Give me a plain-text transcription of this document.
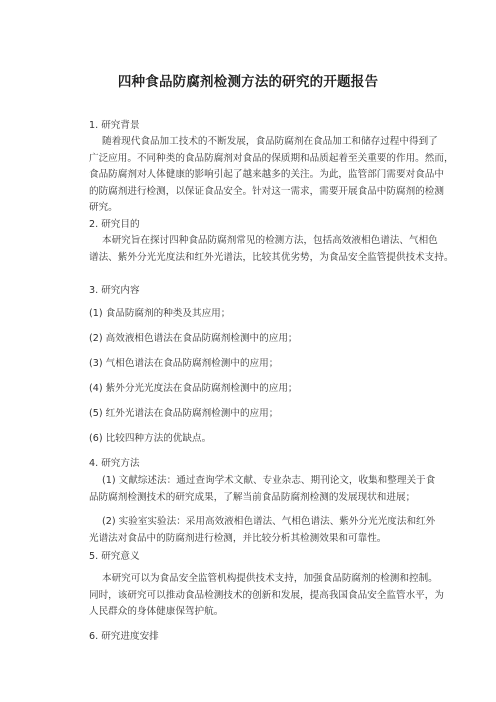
四种食品防腐剂检测方法的研究的开题报告
1. 研究背景
随着现代食品加工技术的不断发展，食品防腐剂在食品加工和储存过程中得到了
广泛应用。不同种类的食品防腐剂对食品的保质期和品质起着至关重要的作用。然而，
食品防腐剂对人体健康的影响引起了越来越多的关注。为此，监管部门需要对食品中
的防腐剂进行检测，以保证食品安全。针对这一需求，需要开展食品中防腐剂的检测
研究。
2. 研究目的
本研究旨在探讨四种食品防腐剂常见的检测方法，包括高效液相色谱法、气相色
谱法、紫外分光光度法和红外光谱法，比较其优劣势，为食品安全监管提供技术支持。
3. 研究内容
(1) 食品防腐剂的种类及其应用；
(2) 高效液相色谱法在食品防腐剂检测中的应用；
(3) 气相色谱法在食品防腐剂检测中的应用；
(4) 紫外分光光度法在食品防腐剂检测中的应用；
(5) 红外光谱法在食品防腐剂检测中的应用；
(6) 比较四种方法的优缺点。
4. 研究方法
(1) 文献综述法：通过查询学术文献、专业杂志、期刊论文，收集和整理关于食
品防腐剂检测技术的研究成果，了解当前食品防腐剂检测的发展现状和进展；
(2) 实验室实验法：采用高效液相色谱法、气相色谱法、紫外分光光度法和红外
光谱法对食品中的防腐剂进行检测，并比较分析其检测效果和可靠性。
5. 研究意义
本研究可以为食品安全监管机构提供技术支持，加强食品防腐剂的检测和控制。
同时，该研究可以推动食品检测技术的创新和发展，提高我国食品安全监管水平，为
人民群众的身体健康保驾护航。
6. 研究进度安排
